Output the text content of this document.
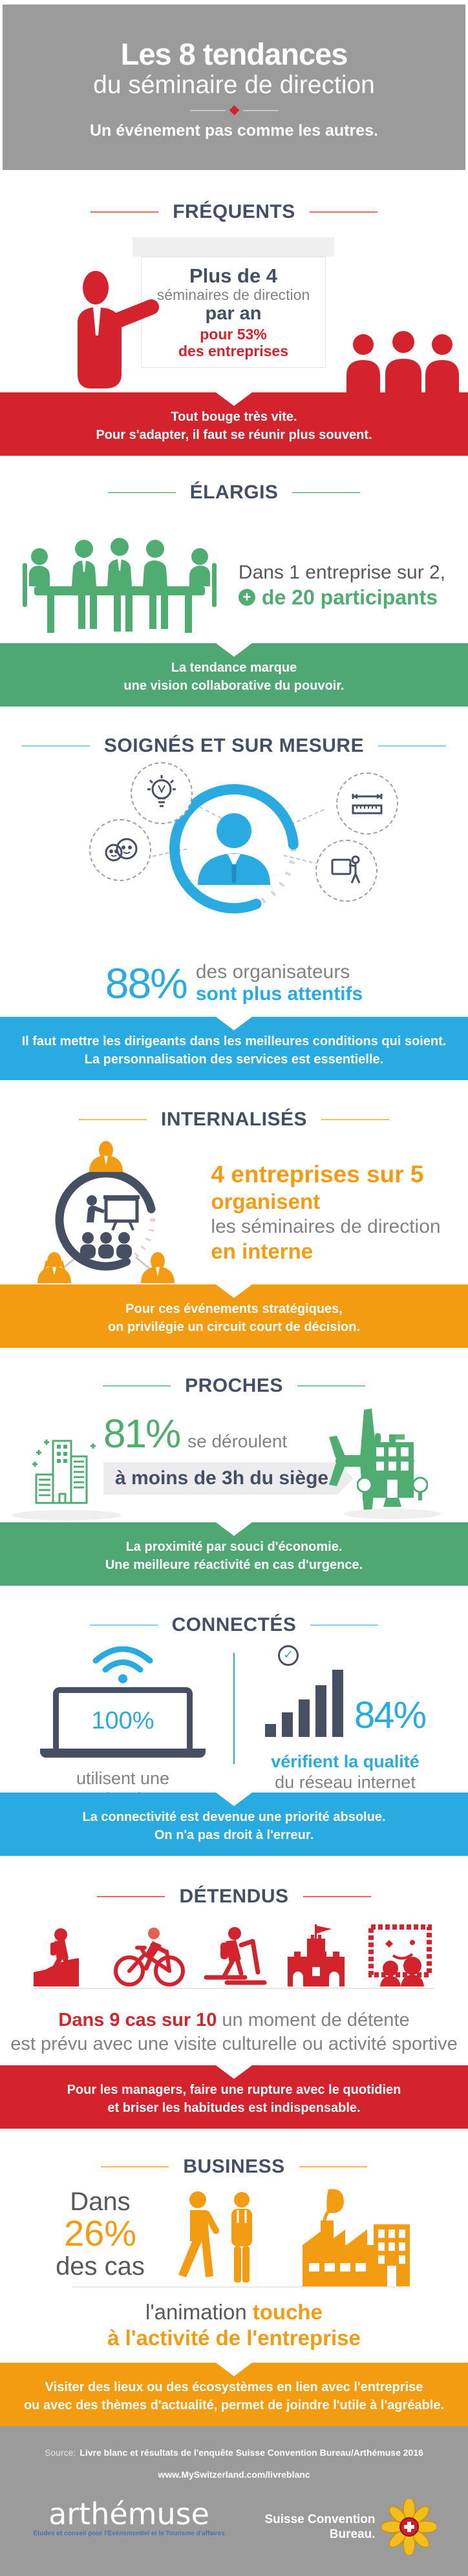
Les 8 tendances
du séminaire de direction
Un événement pas comme les autres.
FRÉQUENTS
Plus de 4
séminaires de direction
par an
pour 53%
des entreprises

Tout bouge très vite.

Pour s'adapter, il faut se réunir plus souvent.

ÉLARGIS
Dans 1 entreprise sur 2,
+ de 20 participants

La tendance marque

une vision collaborative du pouvoir.

SOIGNÉS ET SUR MESURE
88% des organisateurs
sont plus attentifs

Il faut mettre les dirigeants dans les meilleures conditions qui soient.

La personnalisation des services est essentielle.

INTERNALISÉS
4 entreprises sur 5
organisent
les séminaires de direction
en interne

Pour ces événements stratégiques,

on privilégie un circuit court de décision.

PROCHES
81% se déroulent
à moins de 3h du siège

La proximité par souci d'économie.

Une meilleure réactivité en cas d'urgence.

CONNECTÉS
100%
utilisent une
✓
84%
vérifient la qualité
du réseau internet

La connectivité est devenue une priorité absolue.

On n'a pas droit à l'erreur.

DÉTENDUS
Dans 9 cas sur 10 un moment de détente
est prévu avec une visite culturelle ou activité sportive

Pour les managers, faire une rupture avec le quotidien

et briser les habitudes est indispensable.

BUSINESS
Dans
26%
des cas
l'animation touche
à l'activité de l'entreprise

Visiter des lieux ou des écosystèmes en lien avec l'entreprise

ou avec des thèmes d'actualité, permet de joindre l'utile à l'agréable.

Source: Livre blanc et résultats de l'enquête Suisse Convention Bureau/Arthémuse 2016
www.MySwitzerland.com/livreblanc
arthémuse
Études et conseil pour l'Événementiel et le Tourisme d'affaires
Suisse Convention
Bureau.
